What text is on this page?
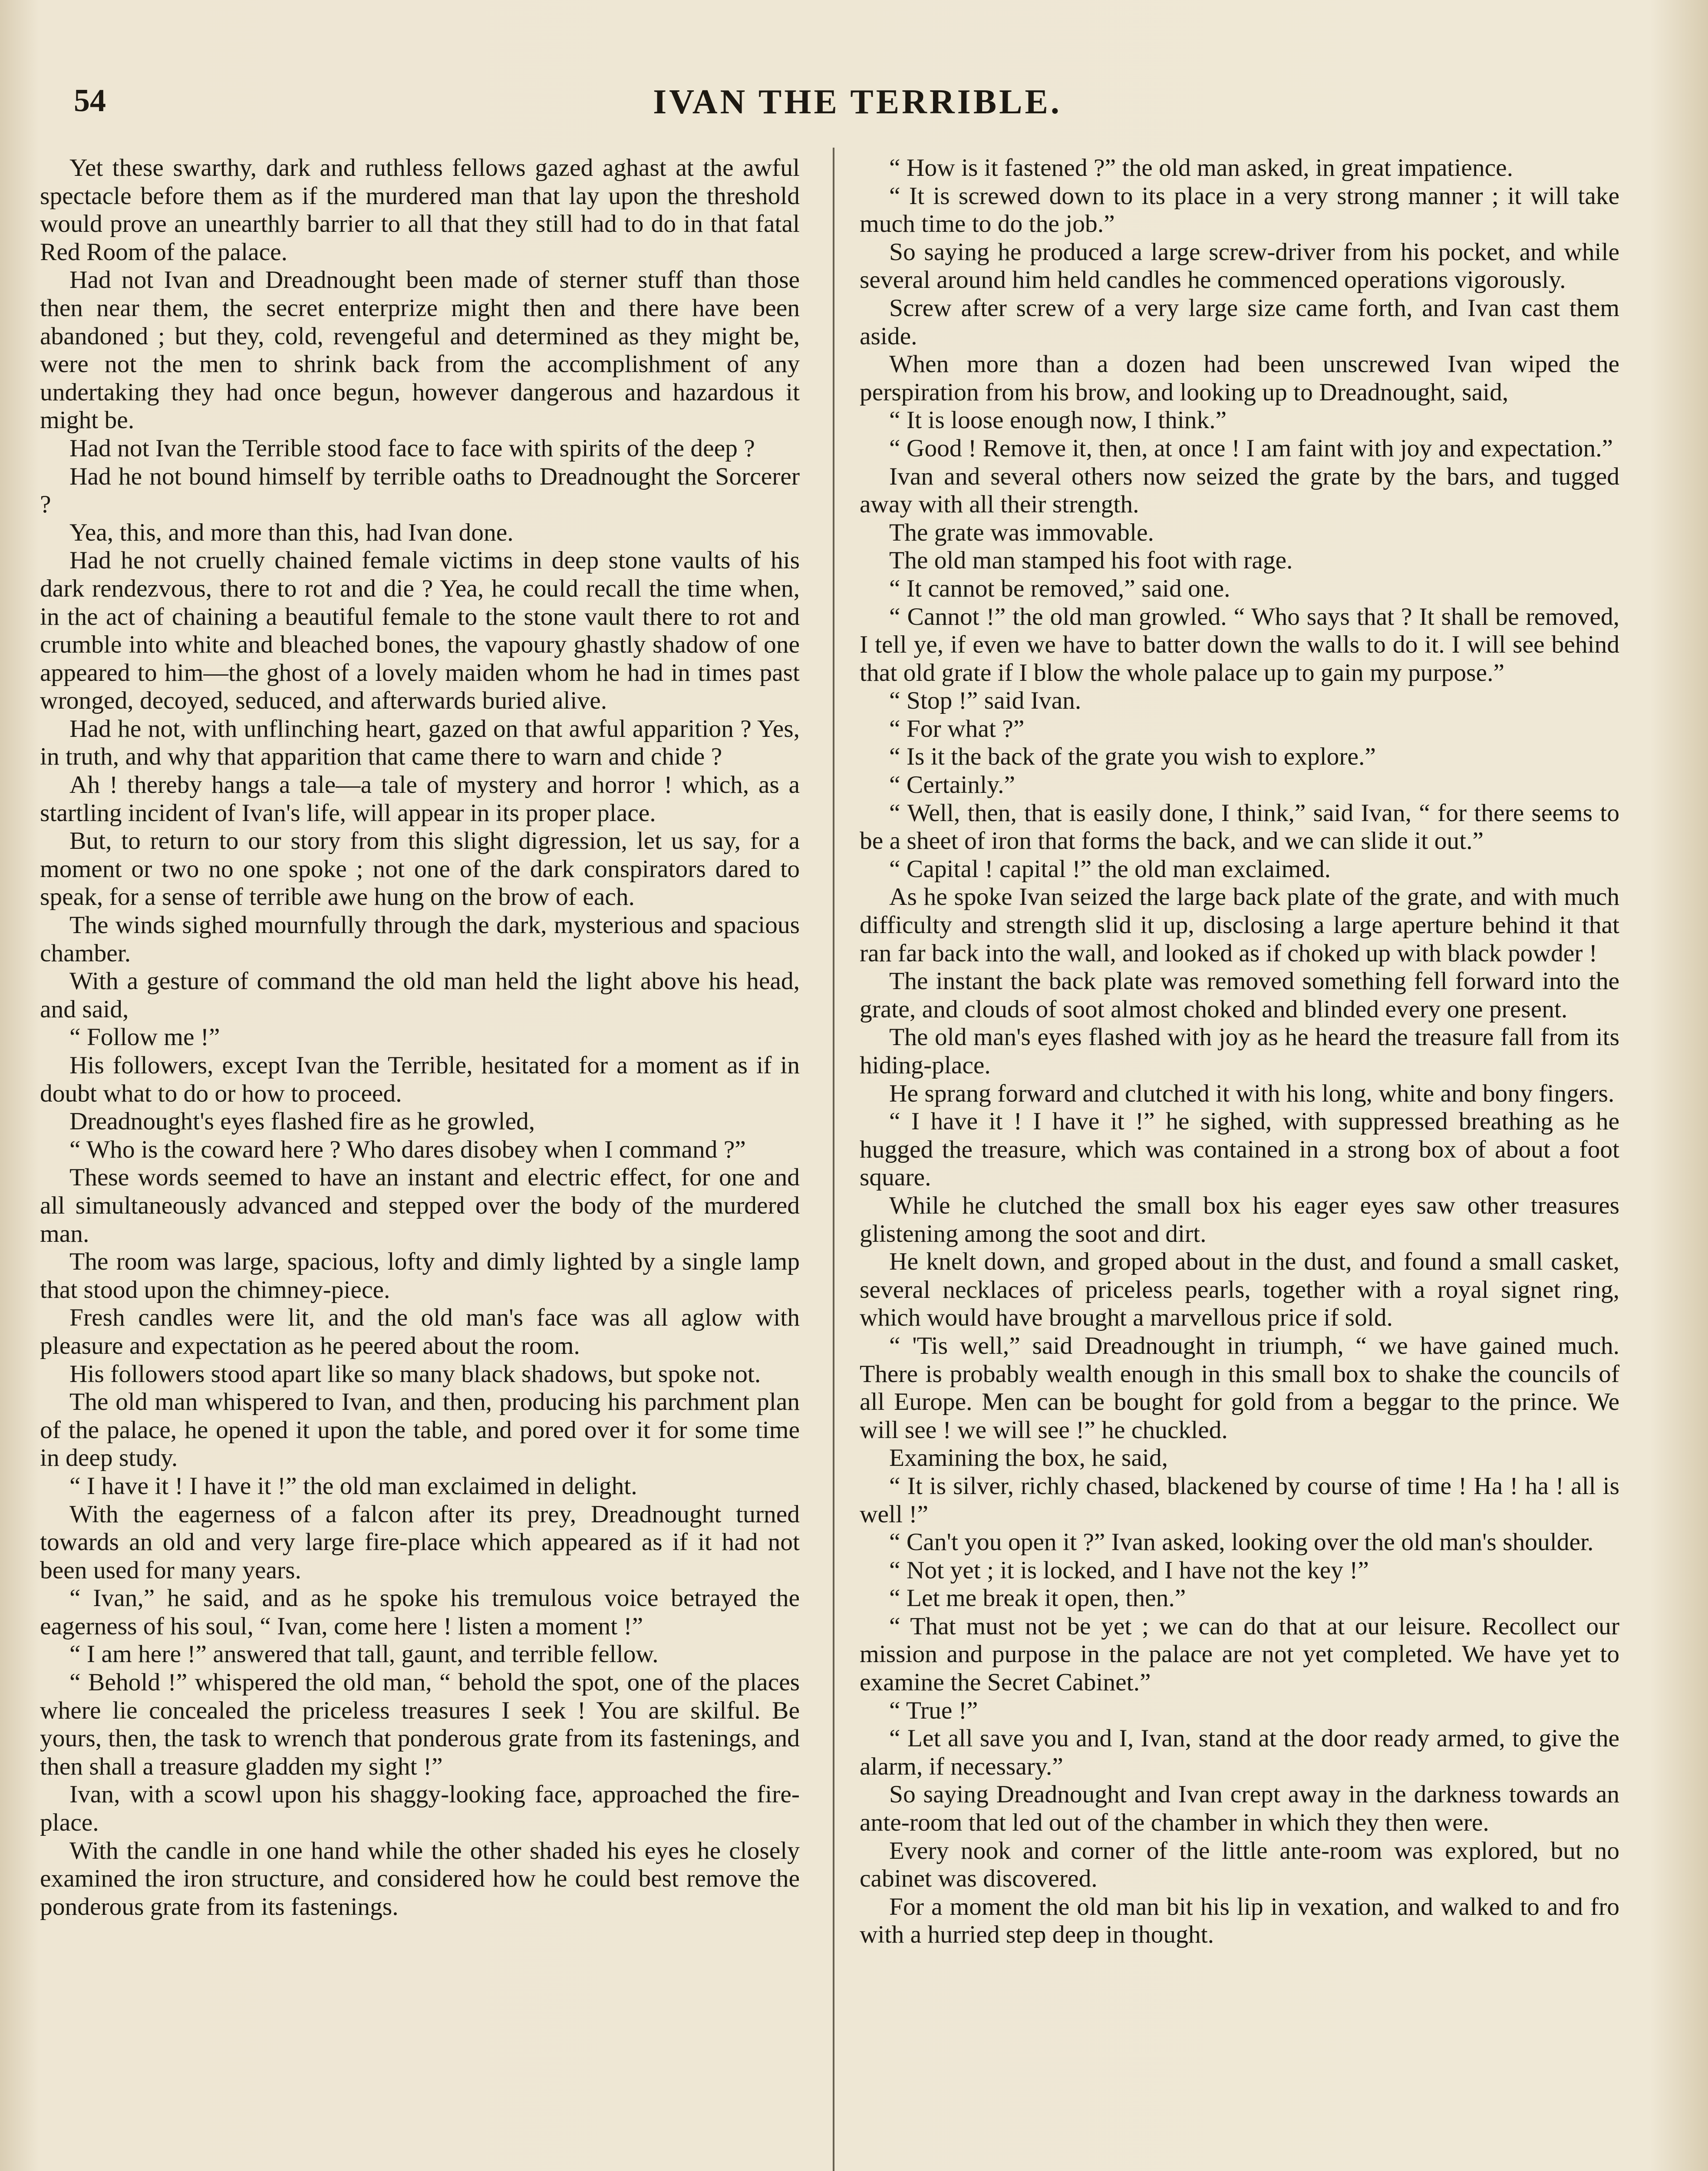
54	IVAN THE TERRIBLE.

Yet these swarthy, dark and ruthless fellows gazed aghast at the awful spectacle before them as if the murdered man that lay upon the threshold would prove an unearthly barrier to all that they still had to do in that fatal Red Room of the palace.

Had not Ivan and Dreadnought been made of sterner stuff than those then near them, the secret enterprize might then and there have been abandoned ; but they, cold, revengeful and determined as they might be, were not the men to shrink back from the accomplishment of any undertaking they had once begun, however dangerous and hazardous it might be.

Had not Ivan the Terrible stood face to face with spirits of the deep ?

Had he not bound himself by terrible oaths to Dreadnought the Sorcerer ?

Yea, this, and more than this, had Ivan done.

Had he not cruelly chained female victims in deep stone vaults of his dark rendezvous, there to rot and die ? Yea, he could recall the time when, in the act of chaining a beautiful female to the stone vault there to rot and crumble into white and bleached bones, the vapoury ghastly shadow of one appeared to him—the ghost of a lovely maiden whom he had in times past wronged, decoyed, seduced, and afterwards buried alive.

Had he not, with unflinching heart, gazed on that awful apparition ? Yes, in truth, and why that apparition that came there to warn and chide ?

Ah ! thereby hangs a tale—a tale of mystery and horror ! which, as a startling incident of Ivan's life, will appear in its proper place.

But, to return to our story from this slight digression, let us say, for a moment or two no one spoke ; not one of the dark conspirators dared to speak, for a sense of terrible awe hung on the brow of each.

The winds sighed mournfully through the dark, mysterious and spacious chamber.

With a gesture of command the old man held the light above his head, and said,

“ Follow me !”

His followers, except Ivan the Terrible, hesitated for a moment as if in doubt what to do or how to proceed.

Dreadnought's eyes flashed fire as he growled,

“ Who is the coward here ? Who dares disobey when I command ?”

These words seemed to have an instant and electric effect, for one and all simultaneously advanced and stepped over the body of the murdered man.

The room was large, spacious, lofty and dimly lighted by a single lamp that stood upon the chimney-piece.

Fresh candles were lit, and the old man's face was all aglow with pleasure and expectation as he peered about the room.

His followers stood apart like so many black shadows, but spoke not.

The old man whispered to Ivan, and then, producing his parchment plan of the palace, he opened it upon the table, and pored over it for some time in deep study.

“ I have it ! I have it !” the old man exclaimed in delight.

With the eagerness of a falcon after its prey, Dreadnought turned towards an old and very large fire-place which appeared as if it had not been used for many years.

“ Ivan,” he said, and as he spoke his tremulous voice betrayed the eagerness of his soul, “ Ivan, come here ! listen a moment !”

“ I am here !” answered that tall, gaunt, and terrible fellow.

“ Behold !” whispered the old man, “ behold the spot, one of the places where lie concealed the priceless treasures I seek ! You are skilful. Be yours, then, the task to wrench that ponderous grate from its fastenings, and then shall a treasure gladden my sight !”

Ivan, with a scowl upon his shaggy-looking face, approached the fire-place.

With the candle in one hand while the other shaded his eyes he closely examined the iron structure, and considered how he could best remove the ponderous grate from its fastenings.

“ How is it fastened ?” the old man asked, in great impatience.

“ It is screwed down to its place in a very strong manner ; it will take much time to do the job.”

So saying he produced a large screw-driver from his pocket, and while several around him held candles he commenced operations vigorously.

Screw after screw of a very large size came forth, and Ivan cast them aside.

When more than a dozen had been unscrewed Ivan wiped the perspiration from his brow, and looking up to Dreadnought, said,

“ It is loose enough now, I think.”

“ Good ! Remove it, then, at once ! I am faint with joy and expectation.”

Ivan and several others now seized the grate by the bars, and tugged away with all their strength.

The grate was immovable.

The old man stamped his foot with rage.

“ It cannot be removed,” said one.

“ Cannot !” the old man growled. “ Who says that ? It shall be removed, I tell ye, if even we have to batter down the walls to do it. I will see behind that old grate if I blow the whole palace up to gain my purpose.”

“ Stop !” said Ivan.

“ For what ?”

“ Is it the back of the grate you wish to explore.”

“ Certainly.”

“ Well, then, that is easily done, I think,” said Ivan, “ for there seems to be a sheet of iron that forms the back, and we can slide it out.”

“ Capital ! capital !” the old man exclaimed.

As he spoke Ivan seized the large back plate of the grate, and with much difficulty and strength slid it up, disclosing a large aperture behind it that ran far back into the wall, and looked as if choked up with black powder !

The instant the back plate was removed something fell forward into the grate, and clouds of soot almost choked and blinded every one present.

The old man's eyes flashed with joy as he heard the treasure fall from its hiding-place.

He sprang forward and clutched it with his long, white and bony fingers.

“ I have it ! I have it !” he sighed, with suppressed breathing as he hugged the treasure, which was contained in a strong box of about a foot square.

While he clutched the small box his eager eyes saw other treasures glistening among the soot and dirt.

He knelt down, and groped about in the dust, and found a small casket, several necklaces of priceless pearls, together with a royal signet ring, which would have brought a marvellous price if sold.

“ 'Tis well,” said Dreadnought in triumph, “ we have gained much. There is probably wealth enough in this small box to shake the councils of all Europe. Men can be bought for gold from a beggar to the prince. We will see ! we will see !” he chuckled.

Examining the box, he said,

“ It is silver, richly chased, blackened by course of time ! Ha ! ha ! all is well !”

“ Can't you open it ?” Ivan asked, looking over the old man's shoulder.

“ Not yet ; it is locked, and I have not the key !”

“ Let me break it open, then.”

“ That must not be yet ; we can do that at our leisure. Recollect our mission and purpose in the palace are not yet completed. We have yet to examine the Secret Cabinet.”

“ True !”

“ Let all save you and I, Ivan, stand at the door ready armed, to give the alarm, if necessary.”

So saying Dreadnought and Ivan crept away in the darkness towards an ante-room that led out of the chamber in which they then were.

Every nook and corner of the little ante-room was explored, but no cabinet was discovered.

For a moment the old man bit his lip in vexation, and walked to and fro with a hurried step deep in thought.
